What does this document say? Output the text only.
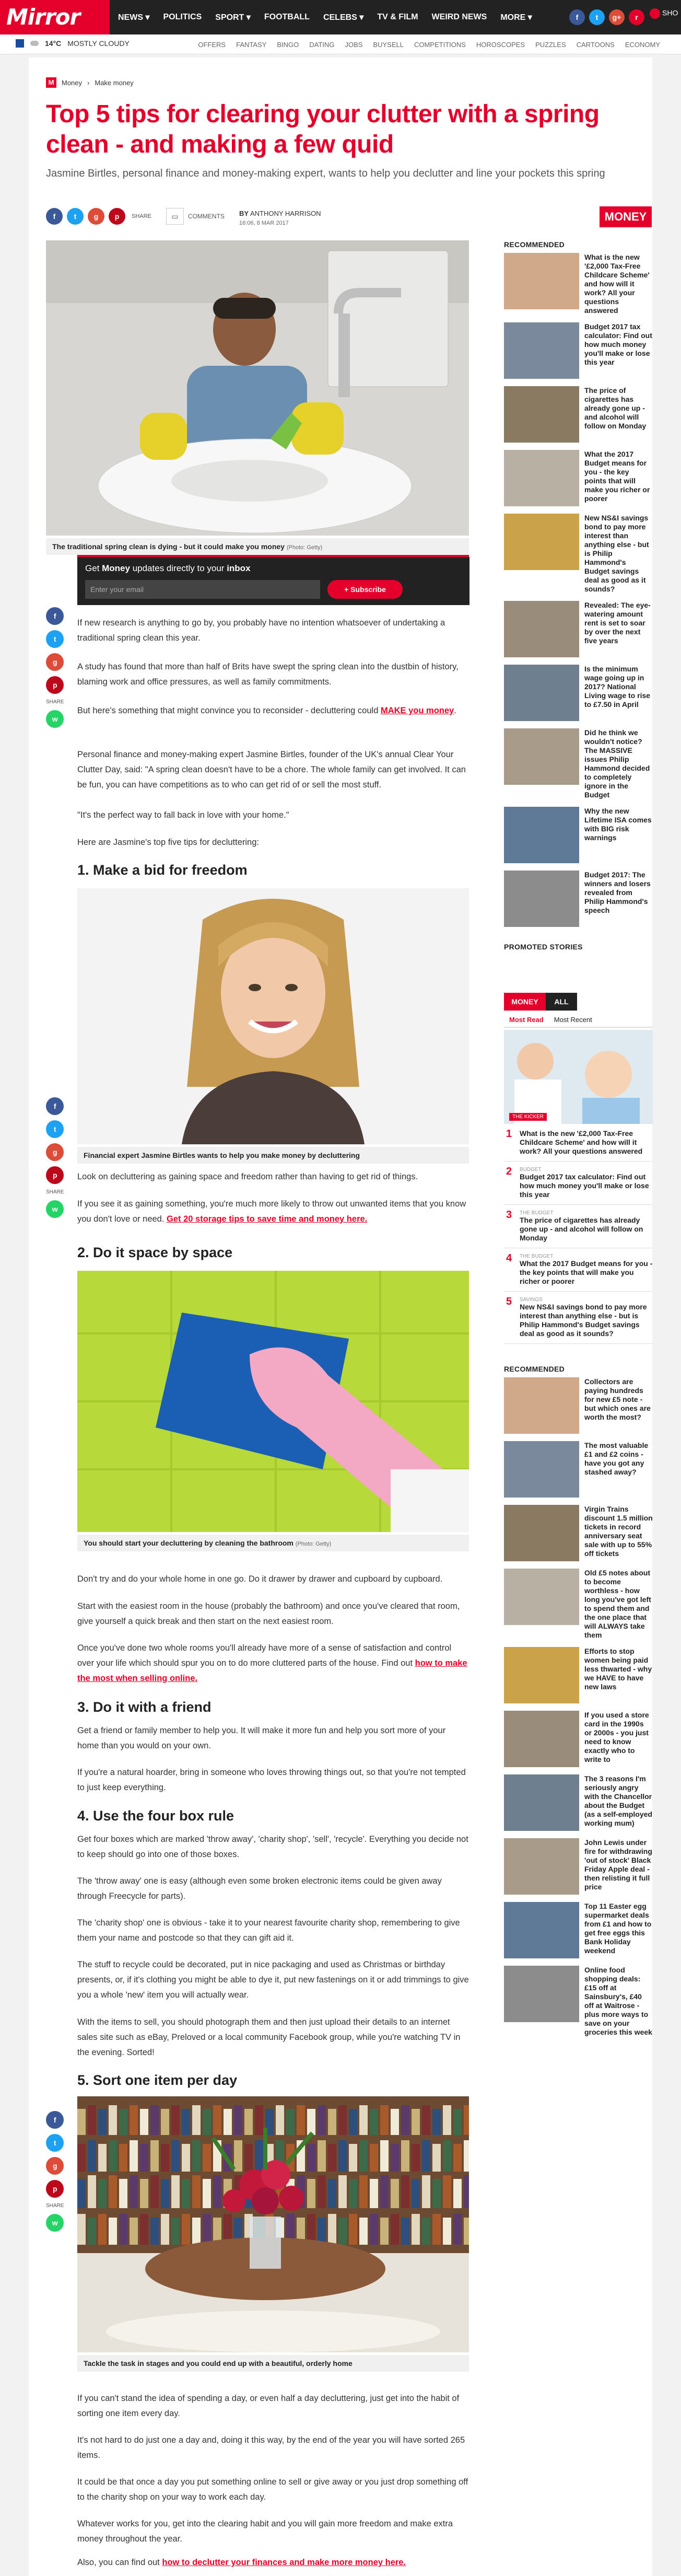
Mirror	NEWS ▾ POLITICS SPORT ▾ FOOTBALL CELEBS ▾ TV & FILM WEIRD NEWS MORE ▾	f	t	g+	r
SHO
14°C MOSTLY CLOUDY	OFFERS FANTASY BINGO DATING JOBS BUYSELL COMPETITIONS HOROSCOPES PUZZLES CARTOONS ECONOMY
M	Money › Make money
Top 5 tips for clearing your clutter with a spring clean - and making a few quid
Jasmine Birtles, personal finance and money-making expert, wants to help you declutter and line your pockets this spring
f	t	g	p	SHARE	▭	COMMENTS BY ANTHONY HARRISON
16:06, 8 MAR 2017	MONEY
The traditional spring clean is dying - but it could make you money (Photo: Getty)
Get Money updates directly to your inbox
Enter your email	+ Subscribe
f
t
g
p
SHARE
w
If new research is anything to go by, you probably have no intention whatsoever of undertaking a traditional spring clean this year.
A study has found that more than half of Brits have swept the spring clean into the dustbin of history, blaming work and office pressures, as well as family commitments.
But here's something that might convince you to reconsider - decluttering could MAKE you money.
Personal finance and money-making expert Jasmine Birtles, founder of the UK's annual Clear Your Clutter Day, said: "A spring clean doesn't have to be a chore. The whole family can get involved. It can be fun, you can have competitions as to who can get rid of or sell the most stuff.
"It's the perfect way to fall back in love with your home."
Here are Jasmine's top five tips for decluttering:
1. Make a bid for freedom
Financial expert Jasmine Birtles wants to help you make money by decluttering
f
t
g
p
SHARE
w
Look on decluttering as gaining space and freedom rather than having to get rid of things.
If you see it as gaining something, you're much more likely to throw out unwanted items that you know you don't love or need. Get 20 storage tips to save time and money here.
2. Do it space by space
You should start your decluttering by cleaning the bathroom (Photo: Getty)
Don't try and do your whole home in one go. Do it drawer by drawer and cupboard by cupboard.
Start with the easiest room in the house (probably the bathroom) and once you've cleared that room, give yourself a quick break and then start on the next easiest room.
Once you've done two whole rooms you'll already have more of a sense of satisfaction and control over your life which should spur you on to do more cluttered parts of the house. Find out how to make the most when selling online.
3. Do it with a friend
Get a friend or family member to help you. It will make it more fun and help you sort more of your home than you would on your own.
If you're a natural hoarder, bring in someone who loves throwing things out, so that you're not tempted to just keep everything.
4. Use the four box rule
Get four boxes which are marked 'throw away', 'charity shop', 'sell', 'recycle'. Everything you decide not to keep should go into one of those boxes.
The 'throw away' one is easy (although even some broken electronic items could be given away through Freecycle for parts).
The 'charity shop' one is obvious - take it to your nearest favourite charity shop, remembering to give them your name and postcode so that they can gift aid it.
The stuff to recycle could be decorated, put in nice packaging and used as Christmas or birthday presents, or, if it's clothing you might be able to dye it, put new fastenings on it or add trimmings to give you a whole 'new' item you will actually wear.
With the items to sell, you should photograph them and then just upload their details to an internet sales site such as eBay, Preloved or a local community Facebook group, while you're watching TV in the evening. Sorted!
5. Sort one item per day
Tackle the task in stages and you could end up with a beautiful, orderly home
f
t
g
p
SHARE
w
If you can't stand the idea of spending a day, or even half a day decluttering, just get into the habit of sorting one item every day.
It's not hard to do just one a day and, doing it this way, by the end of the year you will have sorted 265 items.
It could be that once a day you put something online to sell or give away or you just drop something off to the charity shop on your way to work each day.
Whatever works for you, get into the clearing habit and you will gain more freedom and make extra money throughout the year.
Also, you can find out how to declutter your finances and make more money here.
RECOMMENDED
What is the new '£2,000 Tax-Free Childcare Scheme' and how will it work? All your questions answered
Budget 2017 tax calculator: Find out how much money you'll make or lose this year
The price of cigarettes has already gone up - and alcohol will follow on Monday
What the 2017 Budget means for you - the key points that will make you richer or poorer
New NS&I savings bond to pay more interest than anything else - but is Philip Hammond's Budget savings deal as good as it sounds?
Revealed: The eye-watering amount rent is set to soar by over the next five years
Is the minimum wage going up in 2017? National Living wage to rise to £7.50 in April
Did he think we wouldn't notice? The MASSIVE issues Philip Hammond decided to completely ignore in the Budget
Why the new Lifetime ISA comes with BIG risk warnings
Budget 2017: The winners and losers revealed from Philip Hammond's speech
PROMOTED STORIES
MONEY	ALL
Most Read Most Recent
THE KICKER
1 What is the new '£2,000 Tax-Free Childcare Scheme' and how will it work? All your questions answered
2 BUDGET
Budget 2017 tax calculator: Find out how much money you'll make or lose this year
3 THE BUDGET
The price of cigarettes has already gone up - and alcohol will follow on Monday
4 THE BUDGET
What the 2017 Budget means for you - the key points that will make you richer or poorer
5 SAVINGS
New NS&I savings bond to pay more interest than anything else - but is Philip Hammond's Budget savings deal as good as it sounds?
RECOMMENDED
Collectors are paying hundreds for new £5 note - but which ones are worth the most?
The most valuable £1 and £2 coins - have you got any stashed away?
Virgin Trains discount 1.5 million tickets in record anniversary seat sale with up to 55% off tickets
Old £5 notes about to become worthless - how long you've got left to spend them and the one place that will ALWAYS take them
Efforts to stop women being paid less thwarted - why we HAVE to have new laws
If you used a store card in the 1990s or 2000s - you just need to know exactly who to write to
The 3 reasons I'm seriously angry with the Chancellor about the Budget (as a self-employed working mum)
John Lewis under fire for withdrawing 'out of stock' Black Friday Apple deal - then relisting it full price
Top 11 Easter egg supermarket deals from £1 and how to get free eggs this Bank Holiday weekend
Online food shopping deals: £15 off at Sainsbury's, £40 off at Waitrose - plus more ways to save on your groceries this week
